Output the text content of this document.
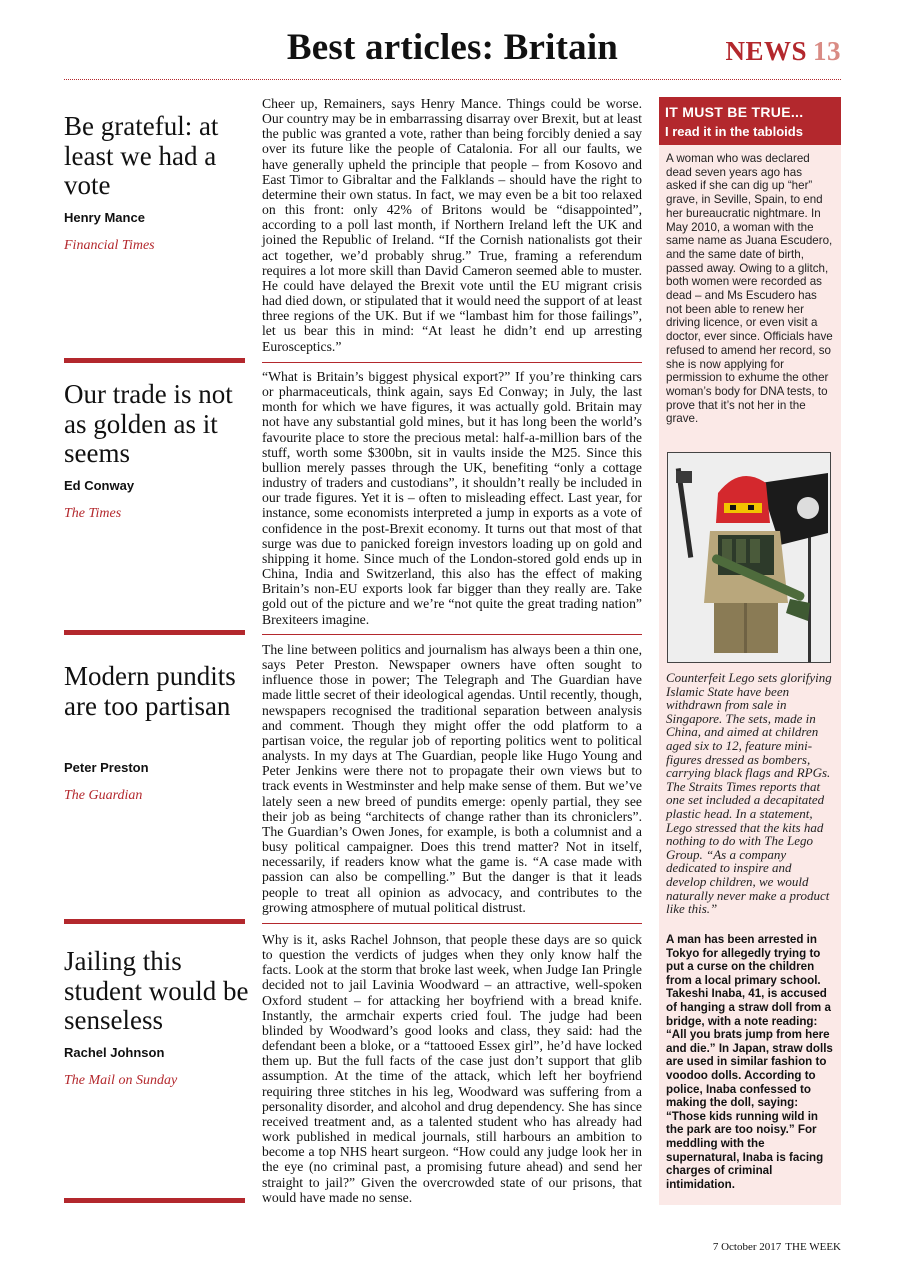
Best articles: Britain	NEWS 13
Be grateful: at least we had a vote
Henry Mance
Financial Times

Cheer up, Remainers, says Henry Mance. Things could be worse. Our country may be in embarrassing disarray over Brexit, but at least the public was granted a vote, rather than being forcibly denied a say over its future like the people of Catalonia. For all our faults, we have generally upheld the principle that people – from Kosovo and East Timor to Gibraltar and the Falklands – should have the right to determine their own status. In fact, we may even be a bit too relaxed on this front: only 42% of Britons would be “disappointed”, according to a poll last month, if Northern Ireland left the UK and joined the Republic of Ireland. “If the Cornish nationalists got their act together, we’d probably shrug.” True, framing a referendum requires a lot more skill than David Cameron seemed able to muster. He could have delayed the Brexit vote until the EU migrant crisis had died down, or stipulated that it would need the support of at least three regions of the UK. But if we “lambast him for those failings”, let us bear this in mind: “At least he didn’t end up arresting Eurosceptics.”

Our trade is not as golden as it seems
Ed Conway
The Times

“What is Britain’s biggest physical export?” If you’re thinking cars or pharmaceuticals, think again, says Ed Conway; in July, the last month for which we have figures, it was actually gold. Britain may not have any substantial gold mines, but it has long been the world’s favourite place to store the precious metal: half-a-million bars of the stuff, worth some $300bn, sit in vaults inside the M25. Since this bullion merely passes through the UK, benefiting “only a cottage industry of traders and custodians”, it shouldn’t really be included in our trade figures. Yet it is – often to misleading effect. Last year, for instance, some economists interpreted a jump in exports as a vote of confidence in the post-Brexit economy. It turns out that most of that surge was due to panicked foreign investors loading up on gold and shipping it home. Since much of the London-stored gold ends up in China, India and Switzerland, this also has the effect of making Britain’s non-EU exports look far bigger than they really are. Take gold out of the picture and we’re “not quite the great trading nation” Brexiteers imagine.

Modern pundits are too partisan
Peter Preston
The Guardian

The line between politics and journalism has always been a thin one, says Peter Preston. Newspaper owners have often sought to influence those in power; The Telegraph and The Guardian have made little secret of their ideological agendas. Until recently, though, newspapers recognised the traditional separation between analysis and comment. Though they might offer the odd platform to a partisan voice, the regular job of reporting politics went to political analysts. In my days at The Guardian, people like Hugo Young and Peter Jenkins were there not to propagate their own views but to track events in Westminster and help make sense of them. But we’ve lately seen a new breed of pundits emerge: openly partial, they see their job as being “architects of change rather than its chroniclers”. The Guardian’s Owen Jones, for example, is both a columnist and a busy political campaigner. Does this trend matter? Not in itself, necessarily, if readers know what the game is. “A case made with passion can also be compelling.” But the danger is that it leads people to treat all opinion as advocacy, and contributes to the growing atmosphere of mutual political distrust.

Jailing this student would be senseless
Rachel Johnson
The Mail on Sunday

Why is it, asks Rachel Johnson, that people these days are so quick to question the verdicts of judges when they only know half the facts. Look at the storm that broke last week, when Judge Ian Pringle decided not to jail Lavinia Woodward – an attractive, well-spoken Oxford student – for attacking her boyfriend with a bread knife. Instantly, the armchair experts cried foul. The judge had been blinded by Woodward’s good looks and class, they said: had the defendant been a bloke, or a “tattooed Essex girl”, he’d have locked them up. But the full facts of the case just don’t support that glib assumption. At the time of the attack, which left her boyfriend requiring three stitches in his leg, Woodward was suffering from a personality disorder, and alcohol and drug dependency. She has since received treatment and, as a talented student who has already had work published in medical journals, still harbours an ambition to become a top NHS heart surgeon. “How could any judge look her in the eye (no criminal past, a promising future ahead) and send her straight to jail?” Given the overcrowded state of our prisons, that would have made no sense.

IT MUST BE TRUE...
I read it in the tabloids
A woman who was declared dead seven years ago has asked if she can dig up “her” grave, in Seville, Spain, to end her bureaucratic nightmare. In May 2010, a woman with the same name as Juana Escudero, and the same date of birth, passed away. Owing to a glitch, both women were recorded as dead – and Ms Escudero has not been able to renew her driving licence, or even visit a doctor, ever since. Officials have refused to amend her record, so she is now applying for permission to exhume the other woman’s body for DNA tests, to prove that it’s not her in the grave.
Counterfeit Lego sets glorifying Islamic State have been withdrawn from sale in Singapore. The sets, made in China, and aimed at children aged six to 12, feature mini-figures dressed as bombers, carrying black flags and RPGs. The Straits Times reports that one set included a decapitated plastic head. In a statement, Lego stressed that the kits had nothing to do with The Lego Group. “As a company dedicated to inspire and develop children, we would naturally never make a product like this.”
A man has been arrested in Tokyo for allegedly trying to put a curse on the children from a local primary school. Takeshi Inaba, 41, is accused of hanging a straw doll from a bridge, with a note reading: “All you brats jump from here and die.” In Japan, straw dolls are used in similar fashion to voodoo dolls. According to police, Inaba confessed to making the doll, saying: “Those kids running wild in the park are too noisy.” For meddling with the supernatural, Inaba is facing charges of criminal intimidation.
7 October 2017 THE WEEK
